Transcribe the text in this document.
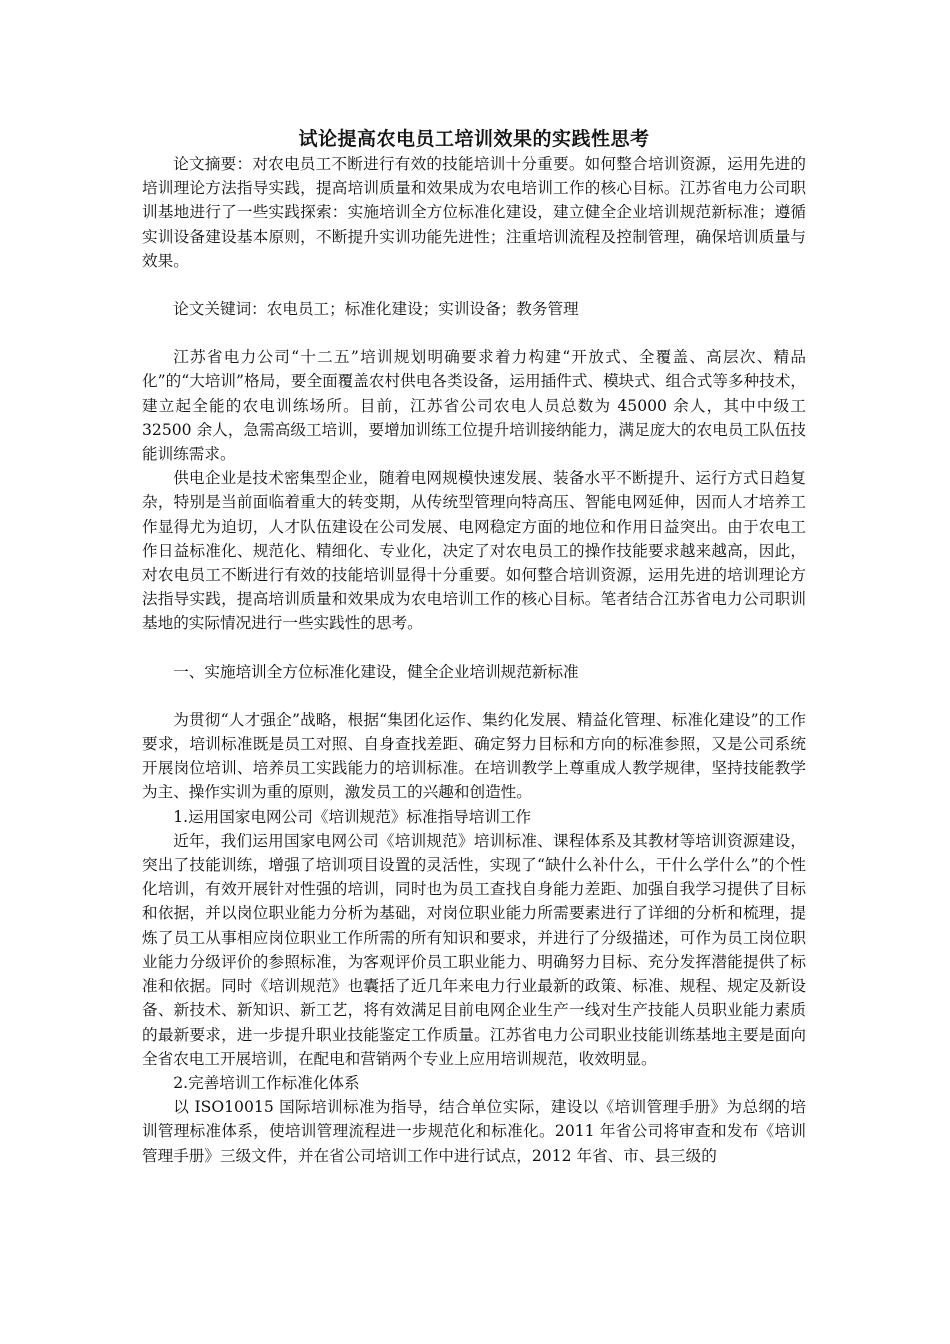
试论提高农电员工培训效果的实践性思考

论文摘要：对农电员工不断进行有效的技能培训十分重要。如何整合培训资源，运用先进的培训理论方法指导实践，提高培训质量和效果成为农电培训工作的核心目标。江苏省电力公司职训基地进行了一些实践探索：实施培训全方位标准化建设，建立健全企业培训规范新标准；遵循实训设备建设基本原则，不断提升实训功能先进性；注重培训流程及控制管理，确保培训质量与效果。

论文关键词：农电员工；标准化建设；实训设备；教务管理

江苏省电力公司“十二五”培训规划明确要求着力构建“开放式、全覆盖、高层次、精品化”的“大培训”格局，要全面覆盖农村供电各类设备，运用插件式、模块式、组合式等多种技术，建立起全能的农电训练场所。目前，江苏省公司农电人员总数为 45000 余人，其中中级工 32500 余人，急需高级工培训，要增加训练工位提升培训接纳能力，满足庞大的农电员工队伍技能训练需求。

供电企业是技术密集型企业，随着电网规模快速发展、装备水平不断提升、运行方式日趋复杂，特别是当前面临着重大的转变期，从传统型管理向特高压、智能电网延伸，因而人才培养工作显得尤为迫切，人才队伍建设在公司发展、电网稳定方面的地位和作用日益突出。由于农电工作日益标准化、规范化、精细化、专业化，决定了对农电员工的操作技能要求越来越高，因此，对农电员工不断进行有效的技能培训显得十分重要。如何整合培训资源，运用先进的培训理论方法指导实践，提高培训质量和效果成为农电培训工作的核心目标。笔者结合江苏省电力公司职训基地的实际情况进行一些实践性的思考。

一、实施培训全方位标准化建设，健全企业培训规范新标准

为贯彻“人才强企”战略，根据“集团化运作、集约化发展、精益化管理、标准化建设”的工作要求，培训标准既是员工对照、自身查找差距、确定努力目标和方向的标准参照，又是公司系统开展岗位培训、培养员工实践能力的培训标准。在培训教学上尊重成人教学规律，坚持技能教学为主、操作实训为重的原则，激发员工的兴趣和创造性。

1.运用国家电网公司《培训规范》标准指导培训工作

近年，我们运用国家电网公司《培训规范》培训标准、课程体系及其教材等培训资源建设，突出了技能训练，增强了培训项目设置的灵活性，实现了“缺什么补什么，干什么学什么”的个性化培训，有效开展针对性强的培训，同时也为员工查找自身能力差距、加强自我学习提供了目标和依据，并以岗位职业能力分析为基础，对岗位职业能力所需要素进行了详细的分析和梳理，提炼了员工从事相应岗位职业工作所需的所有知识和要求，并进行了分级描述，可作为员工岗位职业能力分级评价的参照标准，为客观评价员工职业能力、明确努力目标、充分发挥潜能提供了标准和依据。同时《培训规范》也囊括了近几年来电力行业最新的政策、标准、规程、规定及新设备、新技术、新知识、新工艺，将有效满足目前电网企业生产一线对生产技能人员职业能力素质的最新要求，进一步提升职业技能鉴定工作质量。江苏省电力公司职业技能训练基地主要是面向全省农电工开展培训，在配电和营销两个专业上应用培训规范，收效明显。

2.完善培训工作标准化体系

以 ISO10015 国际培训标准为指导，结合单位实际，建设以《培训管理手册》为总纲的培训管理标准体系，使培训管理流程进一步规范化和标准化。2011 年省公司将审查和发布《培训管理手册》三级文件，并在省公司培训工作中进行试点，2012 年省、市、县三级的
